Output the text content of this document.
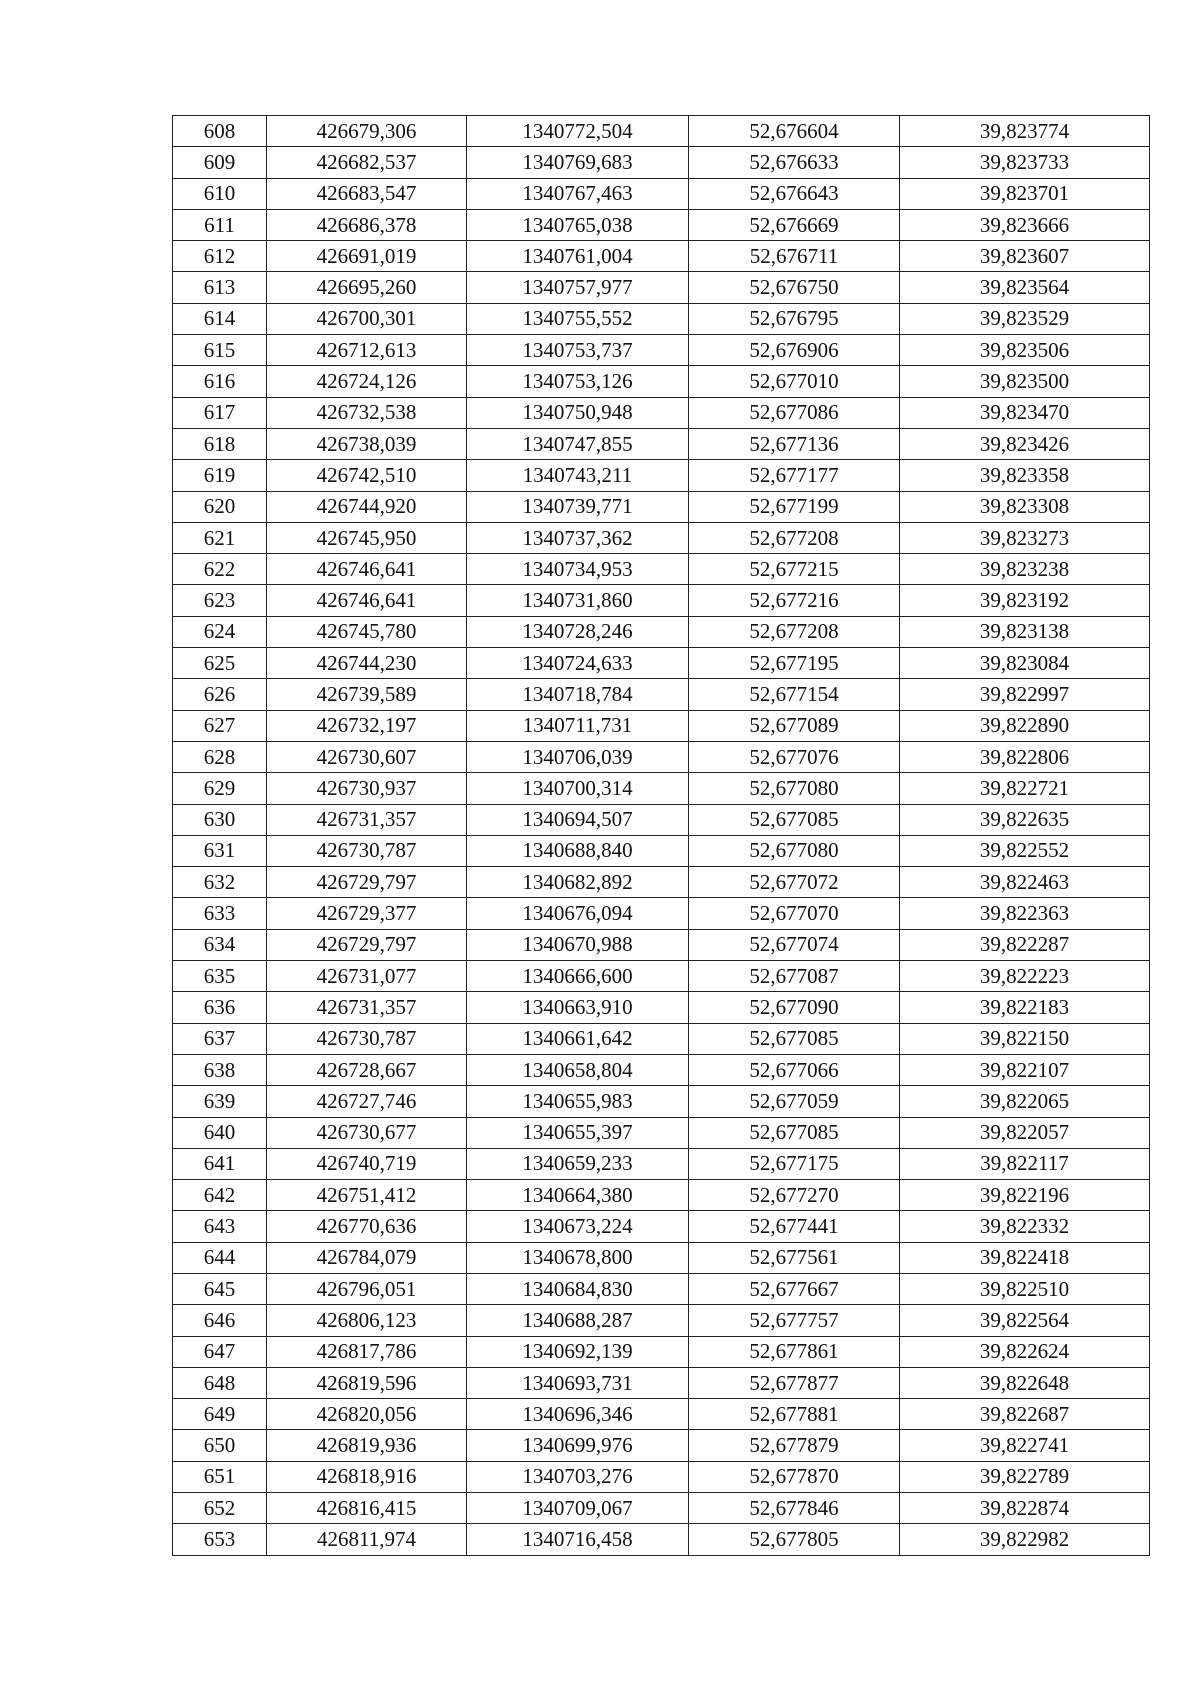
608	426679,306	1340772,504	52,676604	39,823774
609	426682,537	1340769,683	52,676633	39,823733
610	426683,547	1340767,463	52,676643	39,823701
611	426686,378	1340765,038	52,676669	39,823666
612	426691,019	1340761,004	52,676711	39,823607
613	426695,260	1340757,977	52,676750	39,823564
614	426700,301	1340755,552	52,676795	39,823529
615	426712,613	1340753,737	52,676906	39,823506
616	426724,126	1340753,126	52,677010	39,823500
617	426732,538	1340750,948	52,677086	39,823470
618	426738,039	1340747,855	52,677136	39,823426
619	426742,510	1340743,211	52,677177	39,823358
620	426744,920	1340739,771	52,677199	39,823308
621	426745,950	1340737,362	52,677208	39,823273
622	426746,641	1340734,953	52,677215	39,823238
623	426746,641	1340731,860	52,677216	39,823192
624	426745,780	1340728,246	52,677208	39,823138
625	426744,230	1340724,633	52,677195	39,823084
626	426739,589	1340718,784	52,677154	39,822997
627	426732,197	1340711,731	52,677089	39,822890
628	426730,607	1340706,039	52,677076	39,822806
629	426730,937	1340700,314	52,677080	39,822721
630	426731,357	1340694,507	52,677085	39,822635
631	426730,787	1340688,840	52,677080	39,822552
632	426729,797	1340682,892	52,677072	39,822463
633	426729,377	1340676,094	52,677070	39,822363
634	426729,797	1340670,988	52,677074	39,822287
635	426731,077	1340666,600	52,677087	39,822223
636	426731,357	1340663,910	52,677090	39,822183
637	426730,787	1340661,642	52,677085	39,822150
638	426728,667	1340658,804	52,677066	39,822107
639	426727,746	1340655,983	52,677059	39,822065
640	426730,677	1340655,397	52,677085	39,822057
641	426740,719	1340659,233	52,677175	39,822117
642	426751,412	1340664,380	52,677270	39,822196
643	426770,636	1340673,224	52,677441	39,822332
644	426784,079	1340678,800	52,677561	39,822418
645	426796,051	1340684,830	52,677667	39,822510
646	426806,123	1340688,287	52,677757	39,822564
647	426817,786	1340692,139	52,677861	39,822624
648	426819,596	1340693,731	52,677877	39,822648
649	426820,056	1340696,346	52,677881	39,822687
650	426819,936	1340699,976	52,677879	39,822741
651	426818,916	1340703,276	52,677870	39,822789
652	426816,415	1340709,067	52,677846	39,822874
653	426811,974	1340716,458	52,677805	39,822982
